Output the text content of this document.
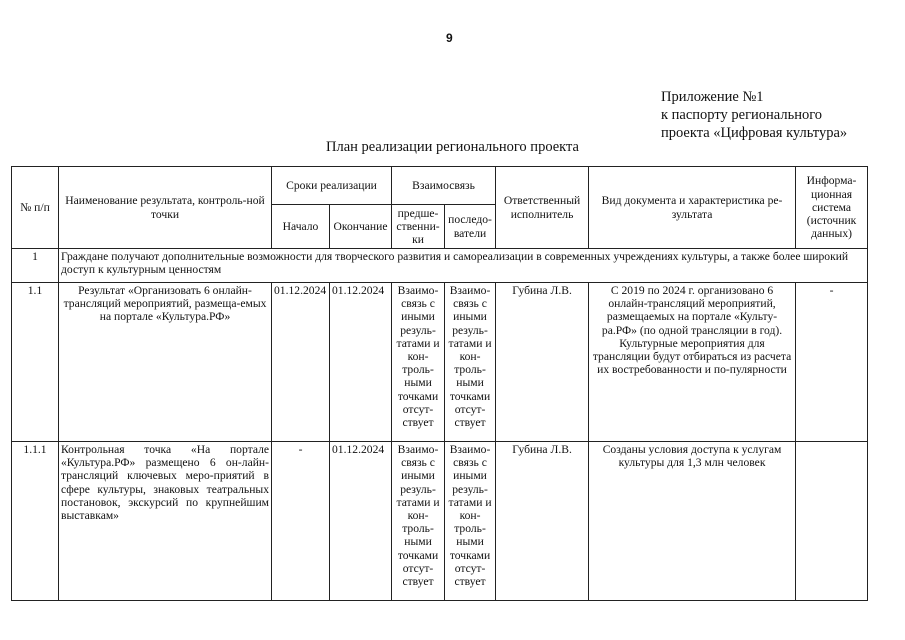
9
Приложение №1
к паспорту регионального
проекта «Цифровая культура»
План реализации регионального проекта
№ п/п	Наименование результата, контроль-ной точки	Сроки реализации		Взаимосвязь		Ответственный исполнитель	Вид документа и характеристика ре-зультата	Информа-ционная система (источник данных)
		Начало	Окончание	предше-ственни-ки	последо-ватели			
1	Граждане получают дополнительные возможности для творческого развития и самореализации в современных учреждениях культуры, а также более широкий доступ к культурным ценностям							
1.1	Результат «Организовать 6 онлайн-трансляций мероприятий, размеща-емых на портале «Культура.РФ»	01.12.2024	01.12.2024	Взаимо-связь с иными резуль-татами и кон-троль-ными точками отсут-ствует	Взаимо-связь с иными резуль-татами и кон-троль-ными точками отсут-ствует	Губина Л.В.	С 2019 по 2024 г. организовано 6 онлайн-трансляций мероприятий, размещаемых на портале «Культу-ра.РФ» (по одной трансляции в год). Культурные мероприятия для трансляции будут отбираться из расчета их востребованности и по-пулярности	-
1.1.1	Контрольная точка «На портале «Культура.РФ» размещено 6 он-лайн-трансляций ключевых меро-приятий в сфере культуры, знаковых театральных постановок, экскурсий по крупнейшим выставкам»	-	01.12.2024	Взаимо-связь с иными резуль-татами и кон-троль-ными точками отсут-ствует	Взаимо-связь с иными резуль-татами и кон-троль-ными точками отсут-ствует	Губина Л.В.	Созданы условия доступа к услугам культуры для 1,3 млн человек	
